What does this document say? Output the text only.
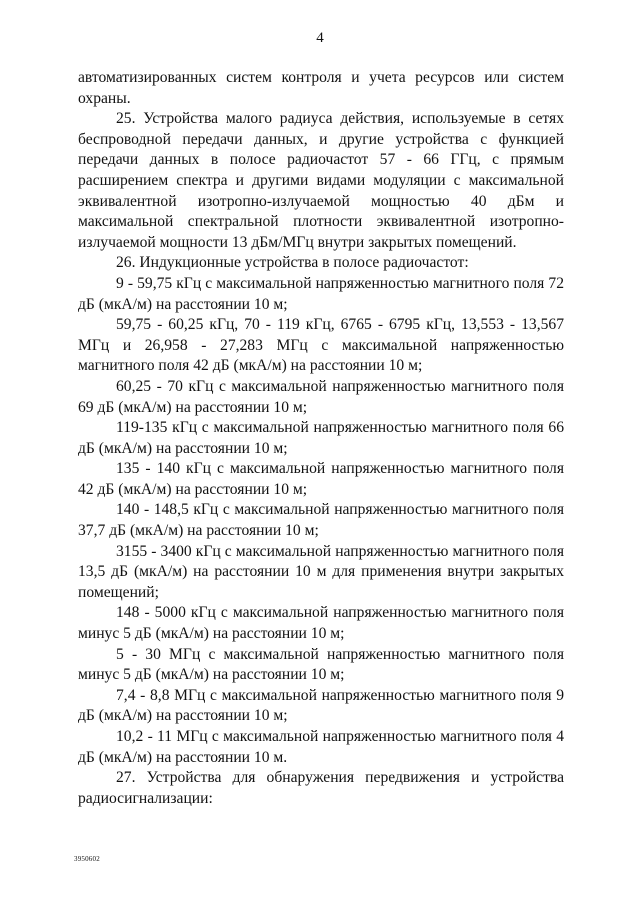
4

автоматизированных систем контроля и учета ресурсов или систем охраны.

25. Устройства малого радиуса действия, используемые в сетях беспроводной передачи данных, и другие устройства с функцией передачи данных в полосе радиочастот 57 - 66 ГГц, с прямым расширением спектра и другими видами модуляции с максимальной эквивалентной изотропно-излучаемой мощностью 40 дБм и максимальной спектральной плотности эквивалентной изотропно-излучаемой мощности 13 дБм/МГц внутри закрытых помещений.

26. Индукционные устройства в полосе радиочастот:

9 - 59,75 кГц с максимальной напряженностью магнитного поля 72 дБ (мкА/м) на расстоянии 10 м;

59,75 - 60,25 кГц, 70 - 119 кГц, 6765 - 6795 кГц, 13,553 - 13,567 МГц и 26,958 - 27,283 МГц с максимальной напряженностью магнитного поля 42 дБ (мкА/м) на расстоянии 10 м;

60,25 - 70 кГц с максимальной напряженностью магнитного поля 69 дБ (мкА/м) на расстоянии 10 м;

119-135 кГц с максимальной напряженностью магнитного поля 66 дБ (мкА/м) на расстоянии 10 м;

135 - 140 кГц с максимальной напряженностью магнитного поля 42 дБ (мкА/м) на расстоянии 10 м;

140 - 148,5 кГц с максимальной напряженностью магнитного поля 37,7 дБ (мкА/м) на расстоянии 10 м;

3155 - 3400 кГц с максимальной напряженностью магнитного поля 13,5 дБ (мкА/м) на расстоянии 10 м для применения внутри закрытых помещений;

148 - 5000 кГц с максимальной напряженностью магнитного поля минус 5 дБ (мкА/м) на расстоянии 10 м;

5 - 30 МГц с максимальной напряженностью магнитного поля минус 5 дБ (мкА/м) на расстоянии 10 м;

7,4 - 8,8 МГц с максимальной напряженностью магнитного поля 9 дБ (мкА/м) на расстоянии 10 м;

10,2 - 11 МГц с максимальной напряженностью магнитного поля 4 дБ (мкА/м) на расстоянии 10 м.

27. Устройства для обнаружения передвижения и устройства радиосигнализации:

3950602
